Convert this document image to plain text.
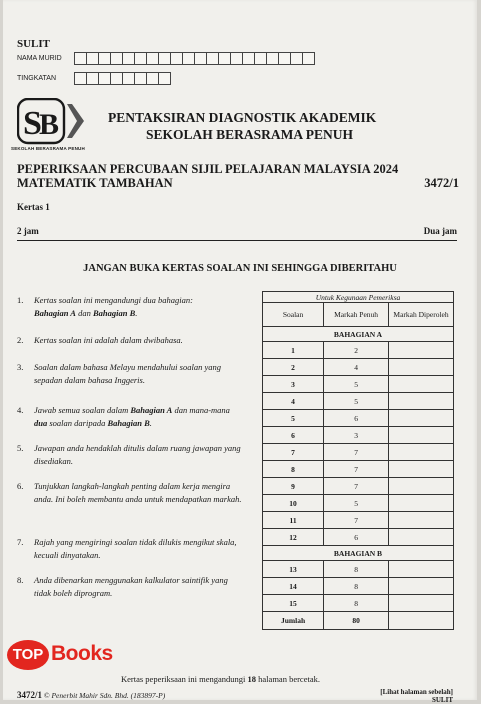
SULIT
NAMA MURID
TINGKATAN
S
B
SEKOLAH BERASRAMA PENUH
PENTAKSIRAN DIAGNOSTIK AKADEMIK
SEKOLAH BERASRAMA PENUH
PEPERIKSAAN PERCUBAAN SIJIL PELAJARAN MALAYSIA 2024
MATEMATIK TAMBAHAN	3472/1
Kertas 1
2 jam	Dua jam
JANGAN BUKA KERTAS SOALAN INI SEHINGGA DIBERITAHU
1. Kertas soalan ini mengandungi dua bahagian:
Bahagian A dan Bahagian B.
2. Kertas soalan ini adalah dalam dwibahasa.
3. Soalan dalam bahasa Melayu mendahului soalan yang sepadan dalam bahasa Inggeris.
4. Jawab semua soalan dalam Bahagian A dan mana-mana dua soalan daripada Bahagian B.
5. Jawapan anda hendaklah ditulis dalam ruang jawapan yang disediakan.
6. Tunjukkan langkah-langkah penting dalam kerja mengira anda. Ini boleh membantu anda untuk mendapatkan markah.
7. Rajah yang mengiringi soalan tidak dilukis mengikut skala, kecuali dinyatakan.
8. Anda dibenarkan menggunakan kalkulator saintifik yang tidak boleh diprogram.
Untuk Kegunaan Pemeriksa		
Soalan	Markah Penuh	Markah Diperoleh
BAHAGIAN A		
1	2	
2	4	
3	5	
4	5	
5	6	
6	3	
7	7	
8	7	
9	7	
10	5	
11	7	
12	6	
BAHAGIAN B		
13	8	
14	8	
15	8	
Jumlah	80	
TOP Books
Kertas peperiksaan ini mengandungi 18 halaman bercetak.
3472/1 © Penerbit Mahir Sdn. Bhd. (183897-P)	[Lihat halaman sebelah]
SULIT
